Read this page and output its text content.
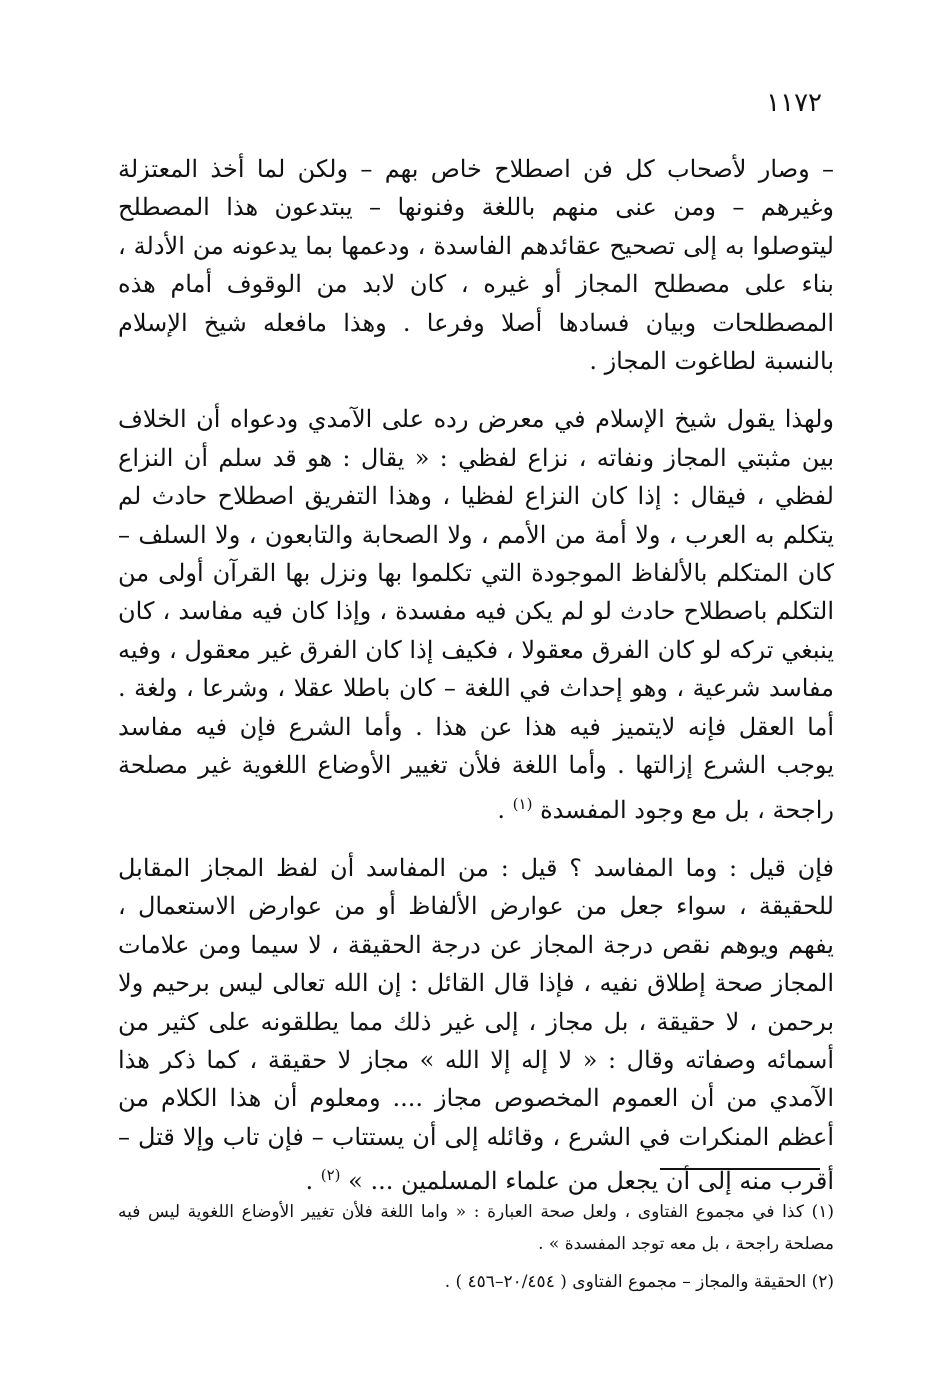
١١٧٢

– وصار لأصحاب كل فن اصطلاح خاص بهم – ولكن لما أخذ المعتزلة وغيرهم – ومن عنى منهم باللغة وفنونها – يبتدعون هذا المصطلح ليتوصلوا به إلى تصحيح عقائدهم الفاسدة ، ودعمها بما يدعونه من الأدلة ، بناء على مصطلح المجاز أو غيره ، كان لابد من الوقوف أمام هذه المصطلحات وبيان فسادها أصلا وفرعا . وهذا مافعله شيخ الإسلام بالنسبة لطاغوت المجاز .

ولهذا يقول شيخ الإسلام في معرض رده على الآمدي ودعواه أن الخلاف بين مثبتي المجاز ونفاته ، نزاع لفظي : « يقال : هو قد سلم أن النزاع لفظي ، فيقال : إذا كان النزاع لفظيا ، وهذا التفريق اصطلاح حادث لم يتكلم به العرب ، ولا أمة من الأمم ، ولا الصحابة والتابعون ، ولا السلف – كان المتكلم بالألفاظ الموجودة التي تكلموا بها ونزل بها القرآن أولى من التكلم باصطلاح حادث لو لم يكن فيه مفسدة ، وإذا كان فيه مفاسد ، كان ينبغي تركه لو كان الفرق معقولا ، فكيف إذا كان الفرق غير معقول ، وفيه مفاسد شرعية ، وهو إحداث في اللغة – كان باطلا عقلا ، وشرعا ، ولغة . أما العقل فإنه لايتميز فيه هذا عن هذا . وأما الشرع فإن فيه مفاسد يوجب الشرع إزالتها . وأما اللغة فلأن تغيير الأوضاع اللغوية غير مصلحة راجحة ، بل مع وجود المفسدة $^{(١)}$ .

فإن قيل : وما المفاسد ؟ قيل : من المفاسد أن لفظ المجاز المقابل للحقيقة ، سواء جعل من عوارض الألفاظ أو من عوارض الاستعمال ، يفهم ويوهم نقص درجة المجاز عن درجة الحقيقة ، لا سيما ومن علامات المجاز صحة إطلاق نفيه ، فإذا قال القائل : إن الله تعالى ليس برحيم ولا برحمن ، لا حقيقة ، بل مجاز ، إلى غير ذلك مما يطلقونه على كثير من أسمائه وصفاته وقال : « لا إله إلا الله » مجاز لا حقيقة ، كما ذكر هذا الآمدي من أن العموم المخصوص مجاز .... ومعلوم أن هذا الكلام من أعظم المنكرات في الشرع ، وقائله إلى أن يستتاب – فإن تاب وإلا قتل – أقرب منه إلى أن يجعل من علماء المسلمين ... » $^{(٢)}$ .

(١) كذا في مجموع الفتاوى ، ولعل صحة العبارة : « واما اللغة فلأن تغيير الأوضاع اللغوية ليس فيه مصلحة راجحة ، بل معه توجد المفسدة » .

(٢) الحقيقة والمجاز – مجموع الفتاوى ( ٢٠/٤٥٤–٤٥٦ ) .
